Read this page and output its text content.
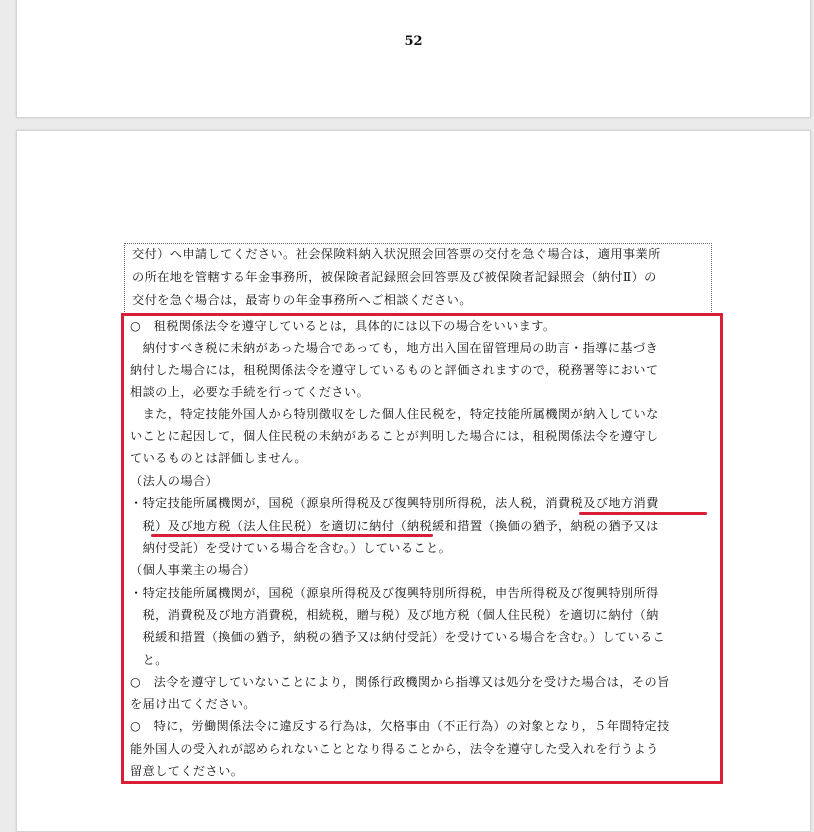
52
交付）へ申請してください。社会保険料納入状況照会回答票の交付を急ぐ場合は，適用事業所
の所在地を管轄する年金事務所，被保険者記録照会回答票及び被保険者記録照会（納付Ⅱ）の
交付を急ぐ場合は，最寄りの年金事務所へご相談ください。
○　租税関係法令を遵守しているとは，具体的には以下の場合をいいます。
　納付すべき税に未納があった場合であっても，地方出入国在留管理局の助言・指導に基づき
納付した場合には，租税関係法令を遵守しているものと評価されますので，税務署等において
相談の上，必要な手続を行ってください。
　また，特定技能外国人から特別徴収をした個人住民税を，特定技能所属機関が納入していな
いことに起因して，個人住民税の未納があることが判明した場合には，租税関係法令を遵守し
ているものとは評価しません。
（法人の場合）
・特定技能所属機関が，国税（源泉所得税及び復興特別所得税，法人税，消費税及び地方消費
　税）及び地方税（法人住民税）を適切に納付（納税緩和措置（換価の猶予，納税の猶予又は
　納付受託）を受けている場合を含む。）していること。
（個人事業主の場合）
・特定技能所属機関が，国税（源泉所得税及び復興特別所得税，申告所得税及び復興特別所得
　税，消費税及び地方消費税，相続税，贈与税）及び地方税（個人住民税）を適切に納付（納
　税緩和措置（換価の猶予，納税の猶予又は納付受託）を受けている場合を含む。）しているこ
　と。
○　法令を遵守していないことにより，関係行政機関から指導又は処分を受けた場合は，その旨
を届け出てください。
○　特に，労働関係法令に違反する行為は，欠格事由（不正行為）の対象となり，５年間特定技
能外国人の受入れが認められないこととなり得ることから，法令を遵守した受入れを行うよう
留意してください。
